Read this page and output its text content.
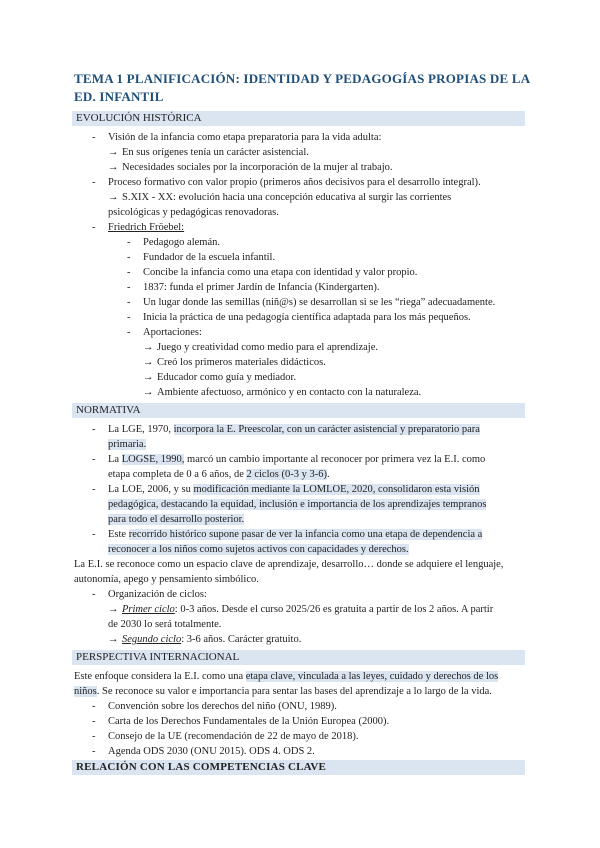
TEMA 1 PLANIFICACIÓN: IDENTIDAD Y PEDAGOGÍAS PROPIAS DE LA
ED. INFANTIL
EVOLUCIÓN HISTÓRICA
- Visión de la infancia como etapa preparatoria para la vida adulta:
→ En sus orígenes tenía un carácter asistencial.
→ Necesidades sociales por la incorporación de la mujer al trabajo.
- Proceso formativo con valor propio (primeros años decisivos para el desarrollo integral).
→ S.XIX - XX: evolución hacia una concepción educativa al surgir las corrientes
psicológicas y pedagógicas renovadoras.
- Friedrich Fröebel:
- Pedagogo alemán.
- Fundador de la escuela infantil.
- Concibe la infancia como una etapa con identidad y valor propio.
- 1837: funda el primer Jardín de Infancia (Kindergarten).
- Un lugar donde las semillas (niñ@s) se desarrollan si se les “riega” adecuadamente.
- Inicia la práctica de una pedagogía científica adaptada para los más pequeños.
- Aportaciones:
→ Juego y creatividad como medio para el aprendizaje.
→ Creó los primeros materiales didácticos.
→ Educador como guía y mediador.
→ Ambiente afectuoso, armónico y en contacto con la naturaleza.
NORMATIVA
- La LGE, 1970, incorpora la E. Preescolar, con un carácter asistencial y preparatorio para
primaria.
- La LOGSE, 1990, marcó un cambio importante al reconocer por primera vez la E.I. como
etapa completa de 0 a 6 años, de 2 ciclos (0-3 y 3-6).
- La LOE, 2006, y su modificación mediante la LOMLOE, 2020, consolidaron esta visión
pedagógica, destacando la equidad, inclusión e importancia de los aprendizajes tempranos
para todo el desarrollo posterior.
- Este recorrido histórico supone pasar de ver la infancia como una etapa de dependencia a
reconocer a los niños como sujetos activos con capacidades y derechos.
La E.I. se reconoce como un espacio clave de aprendizaje, desarrollo… donde se adquiere el lenguaje,
autonomía, apego y pensamiento simbólico.
- Organización de ciclos:
→ Primer ciclo: 0-3 años. Desde el curso 2025/26 es gratuita a partir de los 2 años. A partir
de 2030 lo será totalmente.
→ Segundo ciclo: 3-6 años. Carácter gratuito.
PERSPECTIVA INTERNACIONAL
Este enfoque considera la E.I. como una etapa clave, vinculada a las leyes, cuidado y derechos de los
niños. Se reconoce su valor e importancia para sentar las bases del aprendizaje a lo largo de la vida.
- Convención sobre los derechos del niño (ONU, 1989).
- Carta de los Derechos Fundamentales de la Unión Europea (2000).
- Consejo de la UE (recomendación de 22 de mayo de 2018).
- Agenda ODS 2030 (ONU 2015). ODS 4. ODS 2.
RELACIÓN CON LAS COMPETENCIAS CLAVE
